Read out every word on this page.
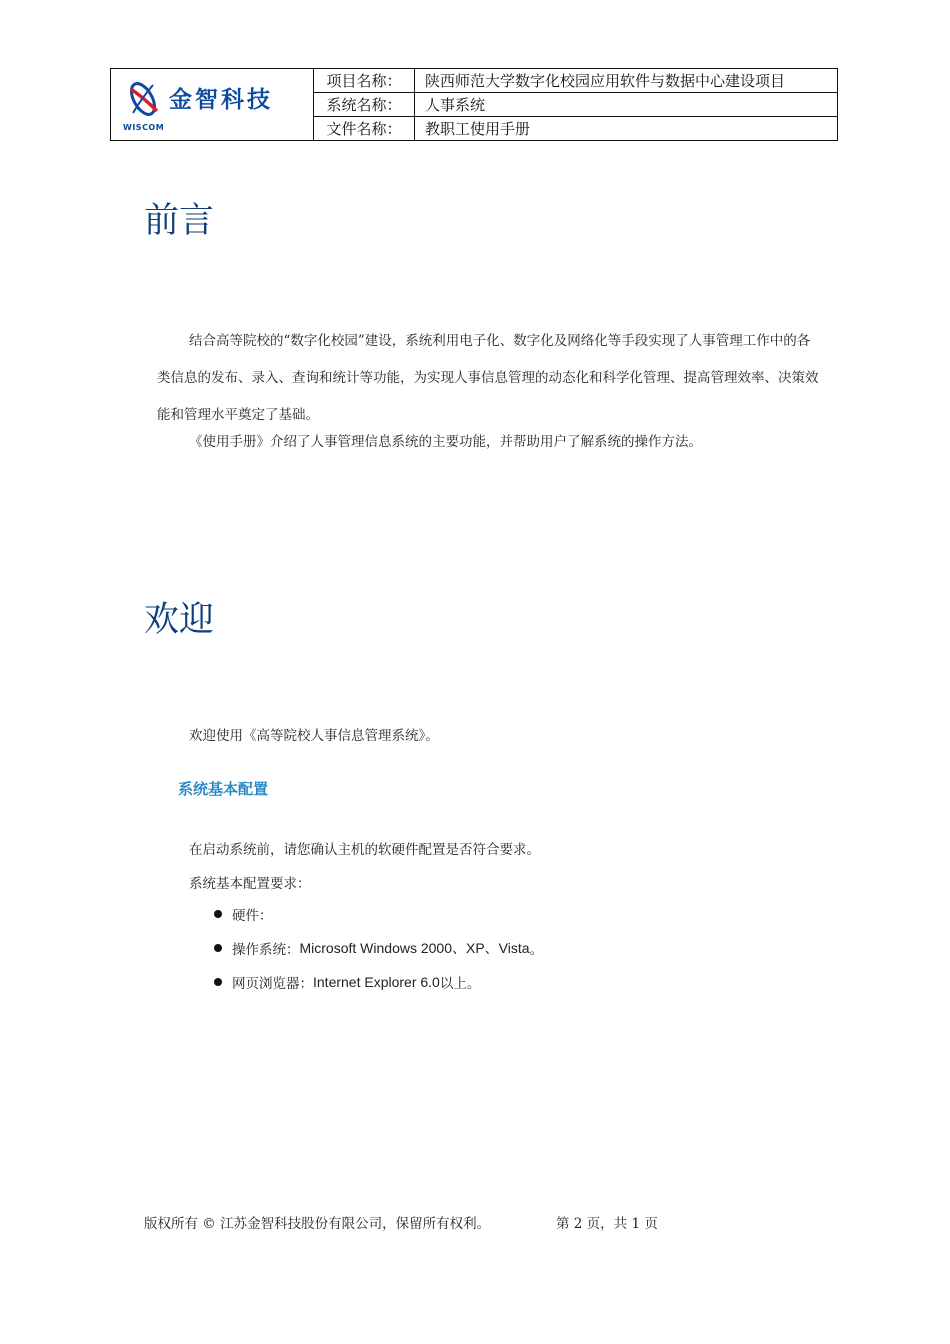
WISCOM
金智科技	项目名称：	陕西师范大学数字化校园应用软件与数据中心建设项目
	系统名称：	人事系统
	文件名称：	教职工使用手册
前言

结合高等院校的“数字化校园”建设，系统利用电子化、数字化及网络化等手段实现了人事管理工作中的各类信息的发布、录入、查询和统计等功能，为实现人事信息管理的动态化和科学化管理、提高管理效率、决策效能和管理水平奠定了基础。

《使用手册》介绍了人事管理信息系统的主要功能，并帮助用户了解系统的操作方法。

欢迎

欢迎使用《高等院校人事信息管理系统》。

系统基本配置

在启动系统前，请您确认主机的软硬件配置是否符合要求。

系统基本配置要求：

硬件：
操作系统： Microsoft Windows 2000、XP、Vista 。
网页浏览器： Internet Explorer 6.0 以上。
版权所有 © 江苏金智科技股份有限公司，保留所有权利。	第 2 页，共 1 页
